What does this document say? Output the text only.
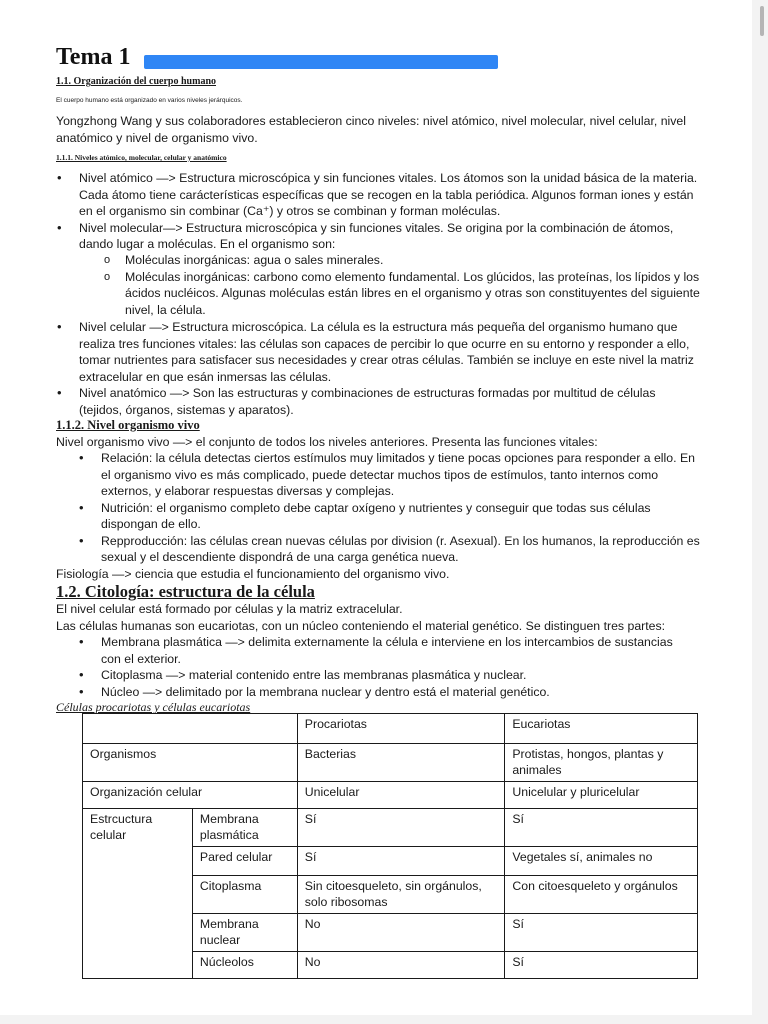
Tema 1
1.1. Organización del cuerpo humano
El cuerpo humano está organizado en varios niveles jerárquicos.
Yongzhong Wang y sus colaboradores establecieron cinco niveles: nivel atómico, nivel molecular, nivel celular, nivel
anatómico y nivel de organismo vivo.
1.1.1. Niveles atómico, molecular, celular y anatómico
• Nivel atómico —> Estructura microscópica y sin funciones vitales. Los átomos son la unidad básica de la materia.
Cada átomo tiene carácterísticas específicas que se recogen en la tabla periódica. Algunos forman iones y están
en el organismo sin combinar (Ca⁺) y otros se combinan y forman moléculas.
• Nivel molecular—> Estructura microscópica y sin funciones vitales. Se origina por la combinación de átomos,
dando lugar a moléculas. En el organismo son:
o Moléculas inorgánicas: agua o sales minerales.
o Moléculas inorgánicas: carbono como elemento fundamental. Los glúcidos, las proteínas, los lípidos y los
ácidos nucléicos. Algunas moléculas están libres en el organismo y otras son constituyentes del siguiente
nivel, la célula.
• Nivel celular —> Estructura microscópica. La célula es la estructura más pequeña del organismo humano que
realiza tres funciones vitales: las células son capaces de percibir lo que ocurre en su entorno y responder a ello,
tomar nutrientes para satisfacer sus necesidades y crear otras células. También se incluye en este nivel la matriz
extracelular en que esán inmersas las células.
• Nivel anatómico —> Son las estructuras y combinaciones de estructuras formadas por multitud de células
(tejidos, órganos, sistemas y aparatos).
1.1.2. Nivel organismo vivo
Nivel organismo vivo —> el conjunto de todos los niveles anteriores. Presenta las funciones vitales:
• Relación: la célula detectas ciertos estímulos muy limitados y tiene pocas opciones para responder a ello. En
el organismo vivo es más complicado, puede detectar muchos tipos de estímulos, tanto internos como
externos, y elaborar respuestas diversas y complejas.
• Nutrición: el organismo completo debe captar oxígeno y nutrientes y conseguir que todas sus células
dispongan de ello.
• Repproducción: las células crean nuevas células por division (r. Asexual). En los humanos, la reproducción es
sexual y el descendiente dispondrá de una carga genética nueva.
Fisiología —> ciencia que estudia el funcionamiento del organismo vivo.
1.2. Citología: estructura de la célula
El nivel celular está formado por células y la matriz extracelular.
Las células humanas son eucariotas, con un núcleo conteniendo el material genético. Se distinguen tres partes:
• Membrana plasmática —> delimita externamente la célula e interviene en los intercambios de sustancias
con el exterior.
• Citoplasma —> material contenido entre las membranas plasmática y nuclear.
• Núcleo —> delimitado por la membrana nuclear y dentro está el material genético.
Células procariotas y células eucariotas
		Procariotas	Eucariotas
Organismos		Bacterias	Protistas, hongos, plantas y animales
Organización celular		Unicelular	Unicelular y pluricelular
Estrcuctura celular	Membrana plasmática	Sí	Sí
	Pared celular	Sí	Vegetales sí, animales no
	Citoplasma	Sin citoesqueleto, sin orgánulos, solo ribosomas	Con citoesqueleto y orgánulos
	Membrana nuclear	No	Sí
	Núcleolos	No	Sí
